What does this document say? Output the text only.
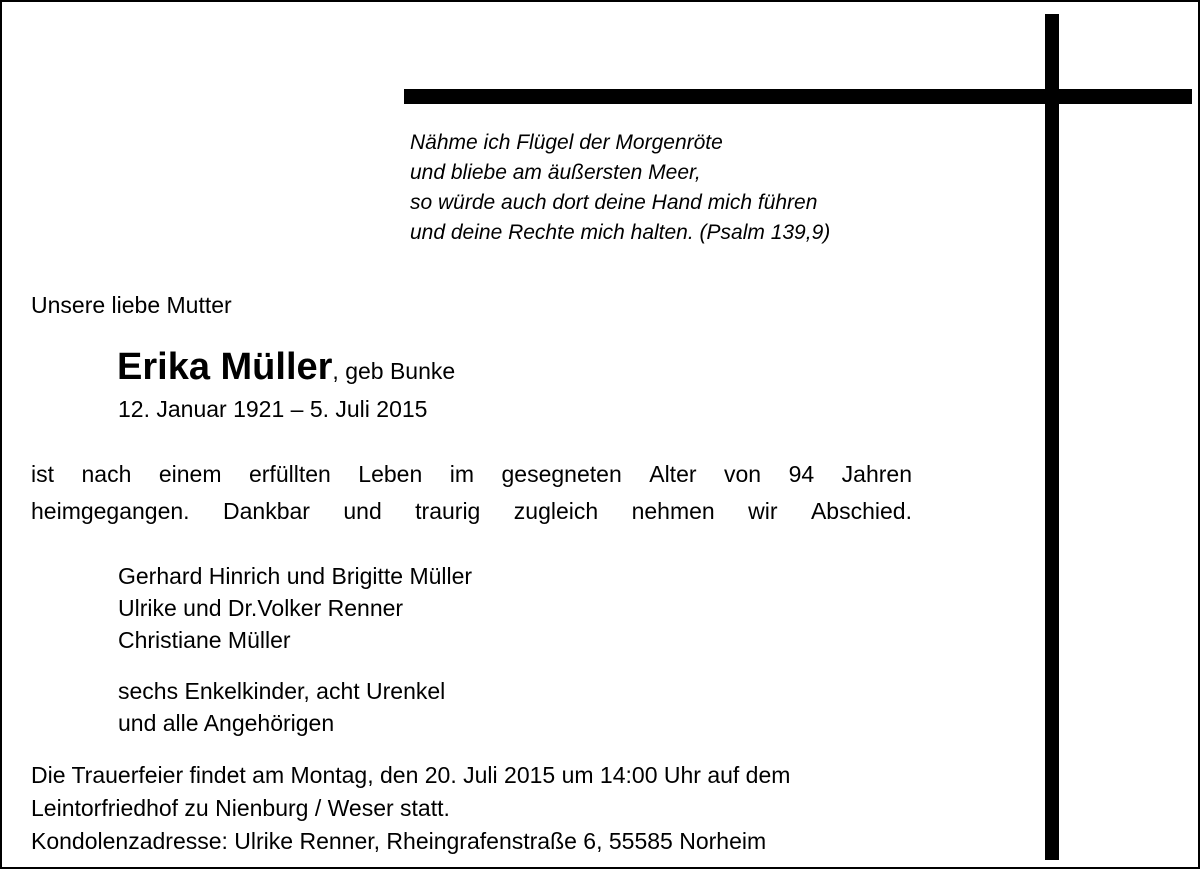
Nähme ich Flügel der Morgenröte
und bliebe am äußersten Meer,
so würde auch dort deine Hand mich führen
und deine Rechte mich halten. (Psalm 139,9)
Unsere liebe Mutter
Erika Müller, geb Bunke
12. Januar 1921 – 5. Juli 2015
ist nach einem erfüllten Leben im gesegneten Alter von 94 Jahren
heimgegangen. Dankbar und traurig zugleich nehmen wir Abschied.
Gerhard Hinrich und Brigitte Müller
Ulrike und Dr.Volker Renner
Christiane Müller
sechs Enkelkinder, acht Urenkel
und alle Angehörigen
Die Trauerfeier findet am Montag, den 20. Juli 2015 um 14:00 Uhr auf dem
Leintorfriedhof zu Nienburg / Weser statt.
Kondolenzadresse: Ulrike Renner, Rheingrafenstraße 6, 55585 Norheim
